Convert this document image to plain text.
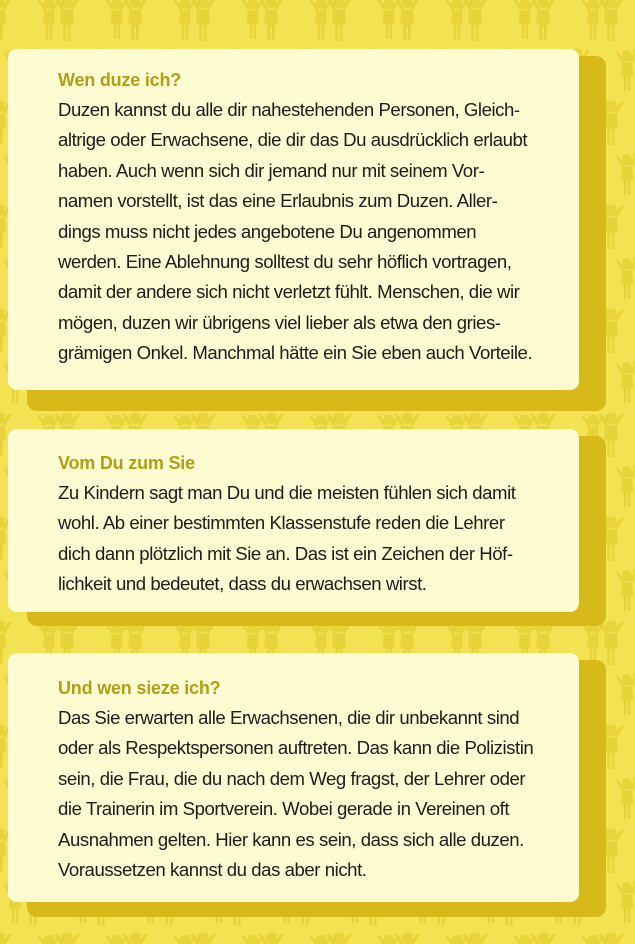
Wen duze ich?

Duzen kannst du alle dir nahestehenden Personen, Gleich-
altrige oder Erwachsene, die dir das Du ausdrücklich erlaubt
haben. Auch wenn sich dir jemand nur mit seinem Vor-
namen vorstellt, ist das eine Erlaubnis zum Duzen. Aller-
dings muss nicht jedes angebotene Du angenommen
werden. Eine Ablehnung solltest du sehr höflich vortragen,
damit der andere sich nicht verletzt fühlt. Menschen, die wir
mögen, duzen wir übrigens viel lieber als etwa den gries-
grämigen Onkel. Manchmal hätte ein Sie eben auch Vorteile.

Vom Du zum Sie

Zu Kindern sagt man Du und die meisten fühlen sich damit
wohl. Ab einer bestimmten Klassenstufe reden die Lehrer
dich dann plötzlich mit Sie an. Das ist ein Zeichen der Höf-
lichkeit und bedeutet, dass du erwachsen wirst.

Und wen sieze ich?

Das Sie erwarten alle Erwachsenen, die dir unbekannt sind
oder als Respektspersonen auftreten. Das kann die Polizistin
sein, die Frau, die du nach dem Weg fragst, der Lehrer oder
die Trainerin im Sportverein. Wobei gerade in Vereinen oft
Ausnahmen gelten. Hier kann es sein, dass sich alle duzen.
Voraussetzen kannst du das aber nicht.
